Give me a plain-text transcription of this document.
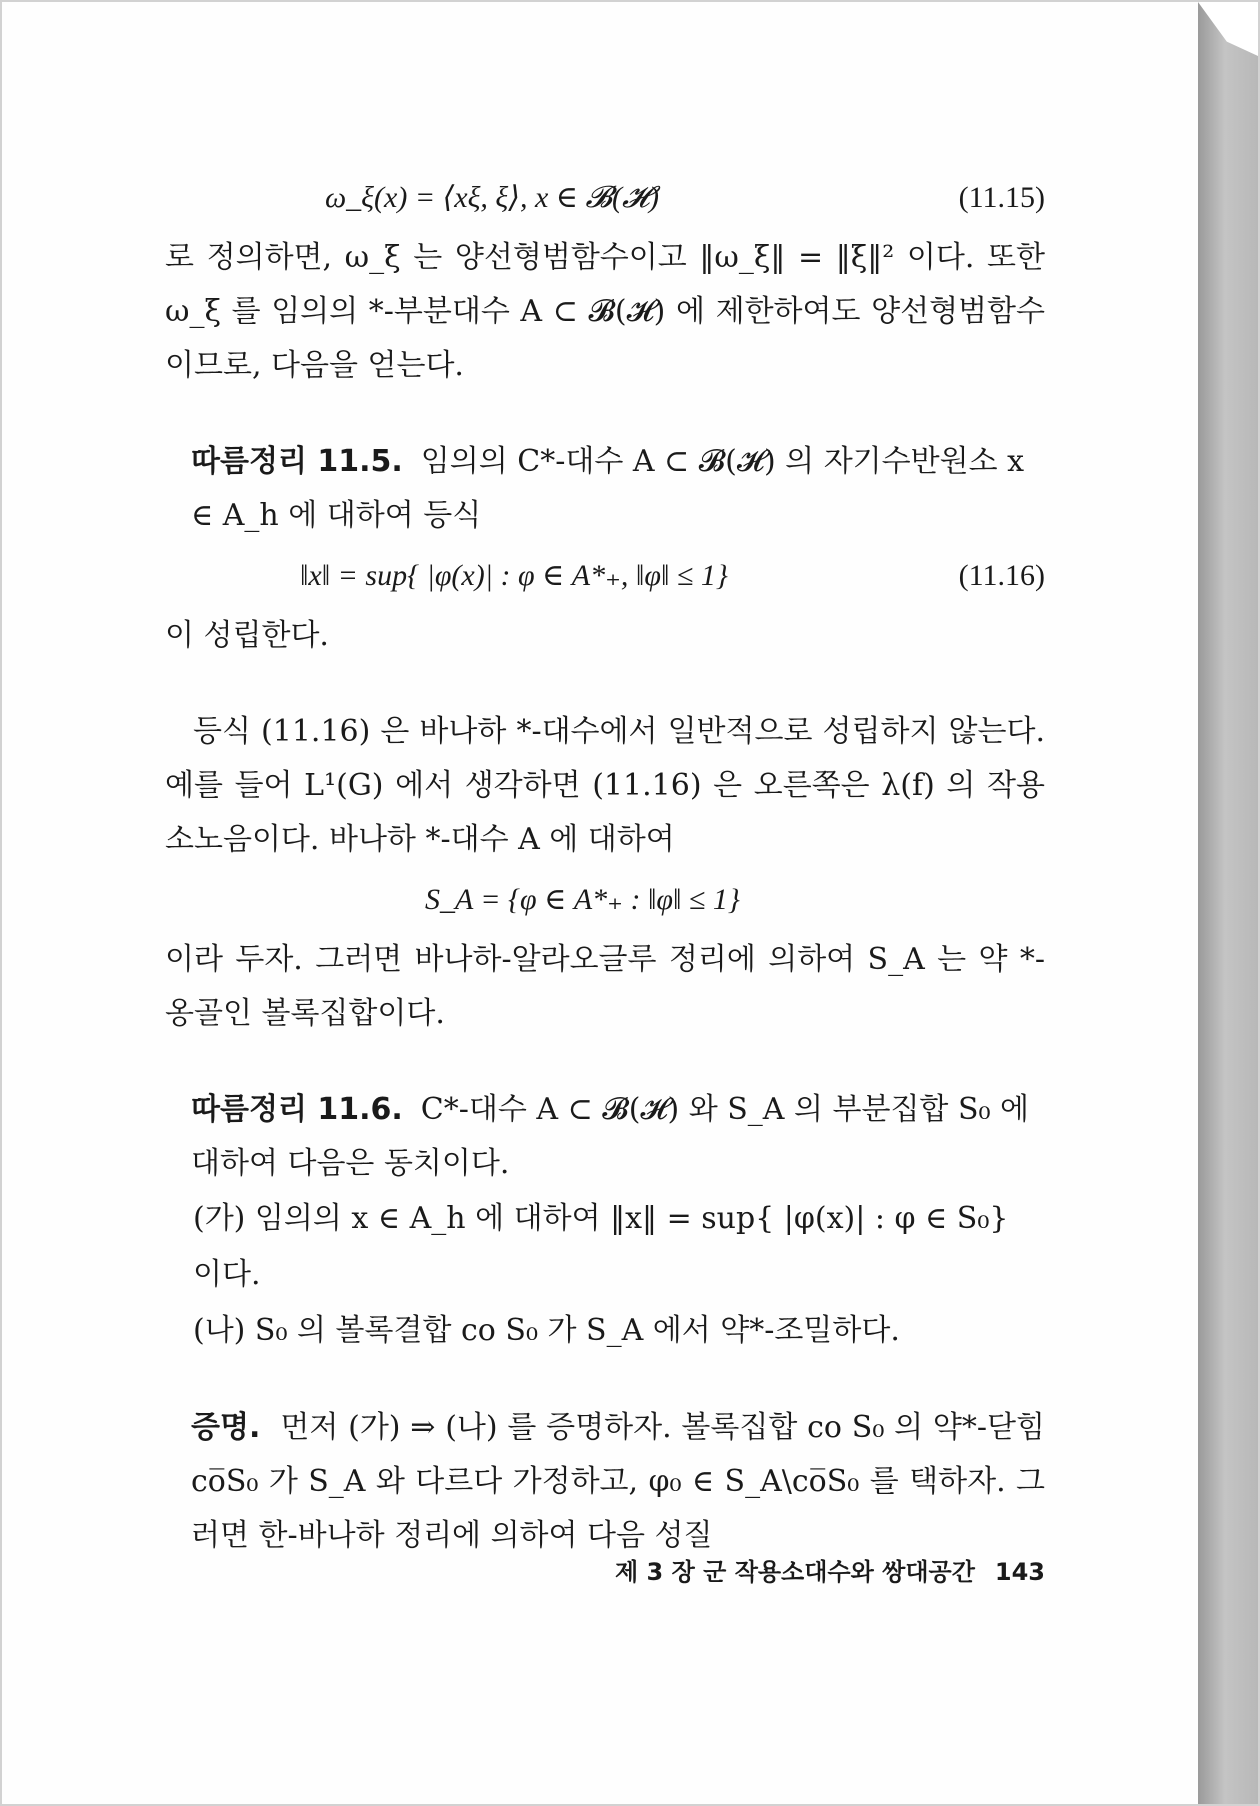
ω_ξ(x) = ⟨xξ, ξ⟩, x ∈ 𝓑(𝓗)	(11.15)
로 정의하면, ω_ξ 는 양선형범함수이고 ‖ω_ξ‖ = ‖ξ‖² 이다. 또한 ω_ξ 를 임의의 *-부분대수 A ⊂ 𝓑(𝓗) 에 제한하여도 양선형범함수이므로, 다음을 얻는다.
따름정리 11.5. 임의의 C*-대수 A ⊂ 𝓑(𝓗) 의 자기수반원소 x ∈ A_h 에 대하여 등식
‖x‖ = sup{ |φ(x)| : φ ∈ A*₊, ‖φ‖ ≤ 1}	(11.16)
이 성립한다.
등식 (11.16) 은 바나하 *-대수에서 일반적으로 성립하지 않는다. 예를 들어 L¹(G) 에서 생각하면 (11.16) 은 오른쪽은 λ(f) 의 작용소노음이다. 바나하 *-대수 A 에 대하여
S_A = {φ ∈ A*₊ : ‖φ‖ ≤ 1}
이라 두자. 그러면 바나하-알라오글루 정리에 의하여 S_A 는 약 *-옹골인 볼록집합이다.
따름정리 11.6. C*-대수 A ⊂ 𝓑(𝓗) 와 S_A 의 부분집합 S₀ 에 대하여 다음은 동치이다.
(가) 임의의 x ∈ A_h 에 대하여 ‖x‖ = sup{ |φ(x)| : φ ∈ S₀} 이다.
(나) S₀ 의 볼록결합 co S₀ 가 S_A 에서 약*-조밀하다.
증명. 먼저 (가) ⇒ (나) 를 증명하자. 볼록집합 co S₀ 의 약*-닫힘 co̅S₀ 가 S_A 와 다르다 가정하고, φ₀ ∈ S_A\co̅S₀ 를 택하자. 그러면 한-바나하 정리에 의하여 다음 성질
제 3 장 군 작용소대수와 쌍대공간 143
